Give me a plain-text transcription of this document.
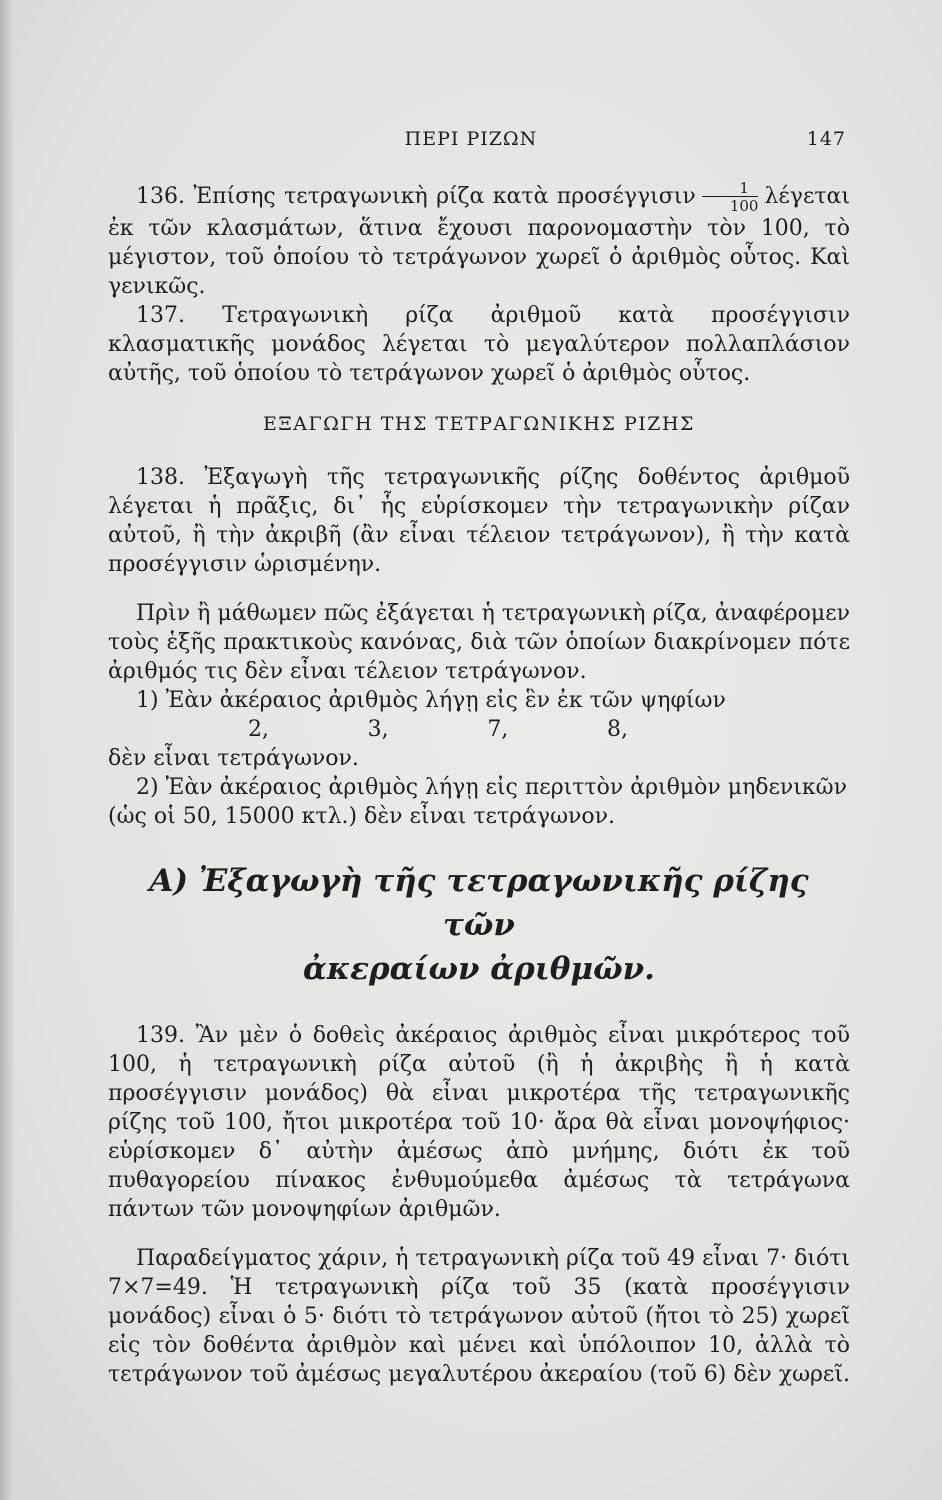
ΠΕΡΙ ΡΙΖΩΝ	147

136. Ἐπίσης τετραγωνικὴ ρίζα κατὰ προσέγγισιν $\frac{1}{100}$ λέγεται ἐκ τῶν κλασμάτων, ἅτινα ἔχουσι παρονομαστὴν τὸν 100, τὸ μέγιστον, τοῦ ὁποίου τὸ τετράγωνον χωρεῖ ὁ ἀριθμὸς οὗτος. Καὶ γενικῶς.

137. Τετραγωνικὴ ρίζα ἀριθμοῦ κατὰ προσέγγισιν κλασματικῆς μονάδος λέγεται τὸ μεγαλύτερον πολλαπλάσιον αὐτῆς, τοῦ ὁποίου τὸ τετράγωνον χωρεῖ ὁ ἀριθμὸς οὗτος.

ΕΞΑΓΩΓΗ ΤΗΣ ΤΕΤΡΑΓΩΝΙΚΗΣ ΡΙΖΗΣ

138. Ἐξαγωγὴ τῆς τετραγωνικῆς ρίζης δοθέντος ἀριθμοῦ λέγεται ἡ πρᾶξις, δι᾽ ἧς εὑρίσκομεν τὴν τετραγωνικὴν ρίζαν αὐτοῦ, ἢ τὴν ἀκριβῆ (ἂν εἶναι τέλειον τετράγωνον), ἢ τὴν κατὰ προσέγγισιν ὡρισμένην.

Πρὶν ἢ μάθωμεν πῶς ἐξάγεται ἡ τετραγωνικὴ ρίζα, ἀναφέρομεν τοὺς ἑξῆς πρακτικοὺς κανόνας, διὰ τῶν ὁποίων διακρίνομεν πότε ἀριθμός τις δὲν εἶναι τέλειον τετράγωνον.

1) Ἐὰν ἀκέραιος ἀριθμὸς λήγῃ εἰς ἓν ἐκ τῶν ψηφίων

2,	3,	7,	8,

δὲν εἶναι τετράγωνον.

2) Ἐὰν ἀκέραιος ἀριθμὸς λήγῃ εἰς περιττὸν ἀριθμὸν μηδενικῶν

(ὡς οἱ 50, 15000 κτλ.) δὲν εἶναι τετράγωνον.

Α) Ἐξαγωγὴ τῆς τετραγωνικῆς ρίζης τῶν
ἀκεραίων ἀριθμῶν.

139. Ἂν μὲν ὁ δοθεὶς ἀκέραιος ἀριθμὸς εἶναι μικρότερος τοῦ 100, ἡ τετραγωνικὴ ρίζα αὐτοῦ (ἢ ἡ ἀκριβὴς ἢ ἡ κατὰ προσέγγισιν μονάδος) θὰ εἶναι μικροτέρα τῆς τετραγωνικῆς ρίζης τοῦ 100, ἤτοι μικροτέρα τοῦ 10· ἄρα θὰ εἶναι μονοψήφιος· εὑρίσκομεν δ᾽ αὐτὴν ἀμέσως ἀπὸ μνήμης, διότι ἐκ τοῦ πυθαγορείου πίνακος ἐνθυμούμεθα ἀμέσως τὰ τετράγωνα πάντων τῶν μονοψηφίων ἀριθμῶν.

Παραδείγματος χάριν, ἡ τετραγωνικὴ ρίζα τοῦ 49 εἶναι 7· διότι 7×7=49. Ἡ τετραγωνικὴ ρίζα τοῦ 35 (κατὰ προσέγγισιν μονάδος) εἶναι ὁ 5· διότι τὸ τετράγωνον αὐτοῦ (ἤτοι τὸ 25) χωρεῖ εἰς τὸν δοθέντα ἀριθμὸν καὶ μένει καὶ ὑπόλοιπον 10, ἀλλὰ τὸ τετράγωνον τοῦ ἀμέσως μεγαλυτέρου ἀκεραίου (τοῦ 6) δὲν χωρεῖ.
